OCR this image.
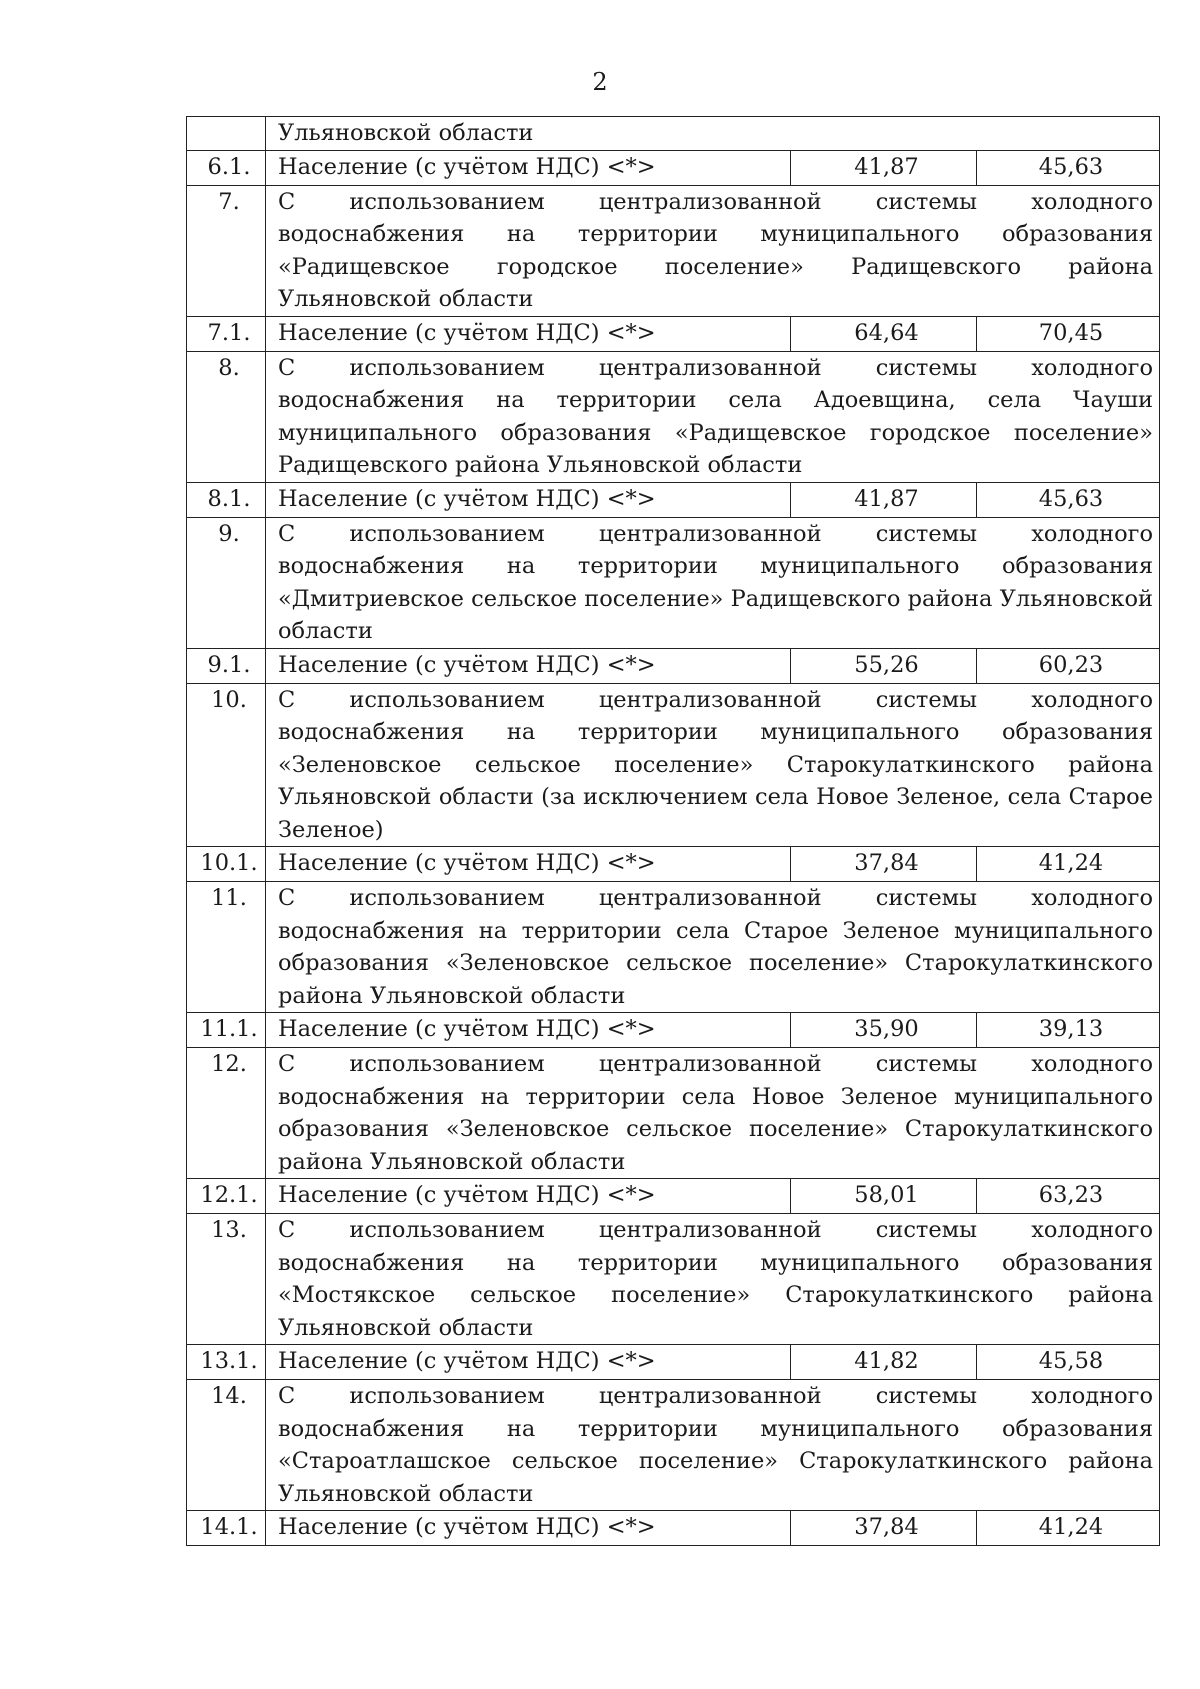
2
	Ульяновской области		
6.1.	Население (с учётом НДС) <*>	41,87	45,63
7.	С использованием централизованной системы холодного водоснабжения на территории муниципального образования «Радищевское городское поселение» Радищевского района Ульяновской области		
7.1.	Население (с учётом НДС) <*>	64,64	70,45
8.	С использованием централизованной системы холодного водоснабжения на территории села Адоевщина, села Чауши муниципального образования «Радищевское городское поселение» Радищевского района Ульяновской области		
8.1.	Население (с учётом НДС) <*>	41,87	45,63
9.	С использованием централизованной системы холодного водоснабжения на территории муниципального образования «Дмитриевское сельское поселение» Радищевского района Ульяновской области		
9.1.	Население (с учётом НДС) <*>	55,26	60,23
10.	С использованием централизованной системы холодного водоснабжения на территории муниципального образования «Зеленовское сельское поселение» Старокулаткинского района Ульяновской области (за исключением села Новое Зеленое, села Старое Зеленое)		
10.1.	Население (с учётом НДС) <*>	37,84	41,24
11.	С использованием централизованной системы холодного водоснабжения на территории села Старое Зеленое муниципального образования «Зеленовское сельское поселение» Старокулаткинского района Ульяновской области		
11.1.	Население (с учётом НДС) <*>	35,90	39,13
12.	С использованием централизованной системы холодного водоснабжения на территории села Новое Зеленое муниципального образования «Зеленовское сельское поселение» Старокулаткинского района Ульяновской области		
12.1.	Население (с учётом НДС) <*>	58,01	63,23
13.	С использованием централизованной системы холодного водоснабжения на территории муниципального образования «Мостякское сельское поселение» Старокулаткинского района Ульяновской области		
13.1.	Население (с учётом НДС) <*>	41,82	45,58
14.	С использованием централизованной системы холодного водоснабжения на территории муниципального образования «Староатлашское сельское поселение» Старокулаткинского района Ульяновской области		
14.1.	Население (с учётом НДС) <*>	37,84	41,24
